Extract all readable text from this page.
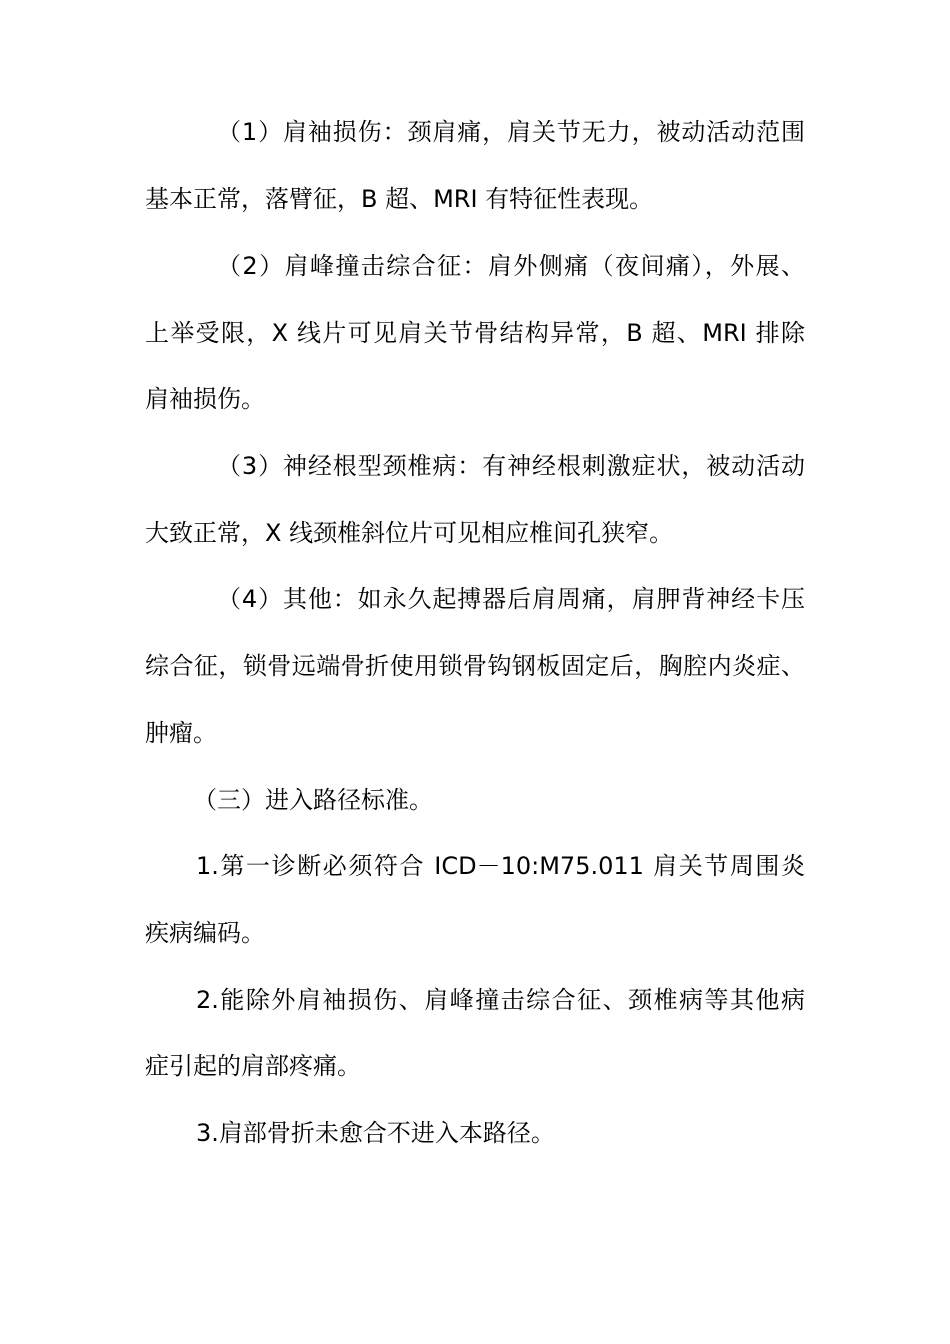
（1）肩袖损伤：颈肩痛，肩关节无力，被动活动范围
基本正常，落臂征，B 超、MRI 有特征性表现。
（2）肩峰撞击综合征：肩外侧痛（夜间痛），外展、
上举受限，X 线片可见肩关节骨结构异常，B 超、MRI 排除
肩袖损伤。
（3）神经根型颈椎病：有神经根刺激症状，被动活动
大致正常，X 线颈椎斜位片可见相应椎间孔狭窄。
（4）其他：如永久起搏器后肩周痛，肩胛背神经卡压
综合征，锁骨远端骨折使用锁骨钩钢板固定后，胸腔内炎症、
肿瘤。
（三）进入路径标准。
1.第一诊断必须符合 ICD－10:M75.011 肩关节周围炎
疾病编码。
2.能除外肩袖损伤、肩峰撞击综合征、颈椎病等其他病
症引起的肩部疼痛。
3.肩部骨折未愈合不进入本路径。
